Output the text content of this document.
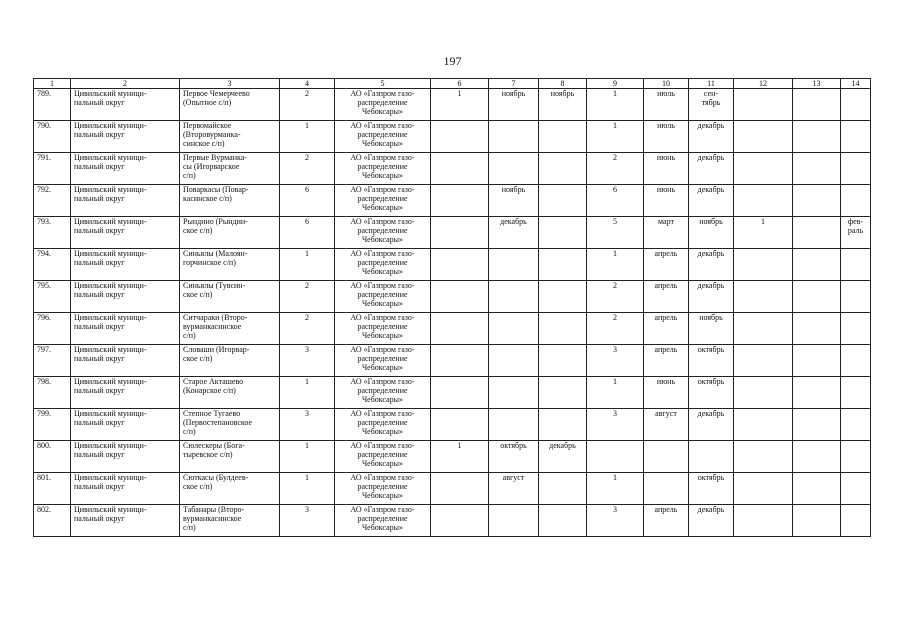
197
1	2	3	4	5	6	7	8	9	10	11	12	13	14

789.	Цивильский муници-
пальный округ	Первое Чемерчеево
(Опытное с/п)	2	АО «Газпром газо-
распределение
Чебоксары»	1	ноябрь	ноябрь	1	июль	сен-
тябрь			

790.	Цивильский муници-
пальный округ	Первомайское
(Второвурманка-
синское с/п)	1	АО «Газпром газо-
распределение
Чебоксары»				1	июль	декабрь			

791.	Цивильский муници-
пальный округ	Первые Вурманка-
сы (Игорварское
с/п)	2	АО «Газпром газо-
распределение
Чебоксары»				2	июнь	декабрь			

792.	Цивильский муници-
пальный округ	Поваркасы (Повар-
касинское с/п)	6	АО «Газпром газо-
распределение
Чебоксары»		ноябрь		6	июнь	декабрь			

793.	Цивильский муници-
пальный округ	Рындино (Рындин-
ское с/п)	6	АО «Газпром газо-
распределение
Чебоксары»		декабрь		5	март	ноябрь	1		фев-
раль

794.	Цивильский муници-
пальный округ	Синьялы (Малоян-
горчинское с/п)	1	АО «Газпром газо-
распределение
Чебоксары»				1	апрель	декабрь			

795.	Цивильский муници-
пальный округ	Синьялы (Тувсин-
ское с/п)	2	АО «Газпром газо-
распределение
Чебоксары»				2	апрель	декабрь			

796.	Цивильский муници-
пальный округ	Ситчараки (Второ-
вурманкасинское
с/п)	2	АО «Газпром газо-
распределение
Чебоксары»				2	апрель	ноябрь			

797.	Цивильский муници-
пальный округ	Словаши (Игорвар-
ское с/п)	3	АО «Газпром газо-
распределение
Чебоксары»				3	апрель	октябрь			

798.	Цивильский муници-
пальный округ	Старое Акташево
(Конарское с/п)	1	АО «Газпром газо-
распределение
Чебоксары»				1	июнь	октябрь			

799.	Цивильский муници-
пальный округ	Степное Тугаево
(Первостепановское
с/п)	3	АО «Газпром газо-
распределение
Чебоксары»				3	август	декабрь			

800.	Цивильский муници-
пальный округ	Сюлескеры (Бога-
тыревское с/п)	1	АО «Газпром газо-
распределение
Чебоксары»	1	октябрь	декабрь						

801.	Цивильский муници-
пальный округ	Сюткасы (Булдеев-
ское с/п)	1	АО «Газпром газо-
распределение
Чебоксары»		август		1		октябрь			

802.	Цивильский муници-
пальный округ	Табанары (Второ-
вурманкасинское
с/п)	3	АО «Газпром газо-
распределение
Чебоксары»				3	апрель	декабрь			
